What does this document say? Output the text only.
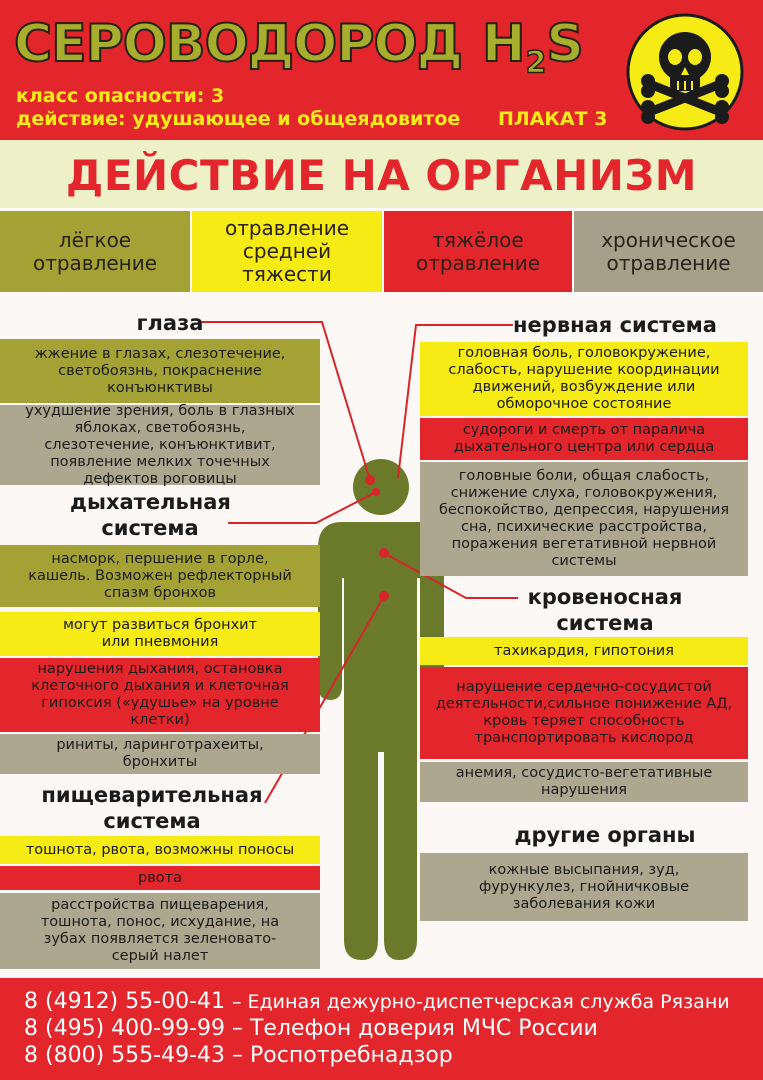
СЕРОВОДОРОД $H_2S$
класс опасности: 3
действие: удушающее и общеядовитое ПЛАКАТ 3
ДЕЙСТВИЕ НА ОРГАНИЗМ
лёгкое отравление
отравление средней тяжести
тяжёлое отравление
хроническое отравление
глаза
жжение в глазах, слезотечение, светобоязнь, покраснение конъюнктивы
ухудшение зрения, боль в глазных яблоках, светобоязнь, слезотечение, конъюнктивит, появление мелких точечных дефектов роговицы
дыхательная система
насморк, першение в горле, кашель. Возможен рефлекторный спазм бронхов
могут развиться бронхит или пневмония
нарушения дыхания, остановка клеточного дыхания и клеточная гипоксия («удушье» на уровне клетки)
риниты, ларинготрахеиты, бронхиты
пищеварительная система
тошнота, рвота, возможны поносы
рвота
расстройства пищеварения, тошнота, понос, исхудание, на зубах появляется зеленовато-серый налет
нервная система
головная боль, головокружение, слабость, нарушение координации движений, возбуждение или обморочное состояние
судороги и смерть от паралича дыхательного центра или сердца
головные боли, общая слабость, снижение слуха, головокружения, беспокойство, депрессия, нарушения сна, психические расстройства, поражения вегетативной нервной системы
кровеносная система
тахикардия, гипотония
нарушение сердечно-сосудистой деятельности,сильное понижение АД, кровь теряет способность транспортировать кислород
анемия, сосудисто-вегетативные нарушения
другие органы
кожные высыпания, зуд, фурункулез, гнойничковые заболевания кожи
8 (4912) 55-00-41 – Единая дежурно-диспетчерская служба Рязани
8 (495) 400-99-99 – Телефон доверия МЧС России
8 (800) 555-49-43 – Роспотребнадзор
